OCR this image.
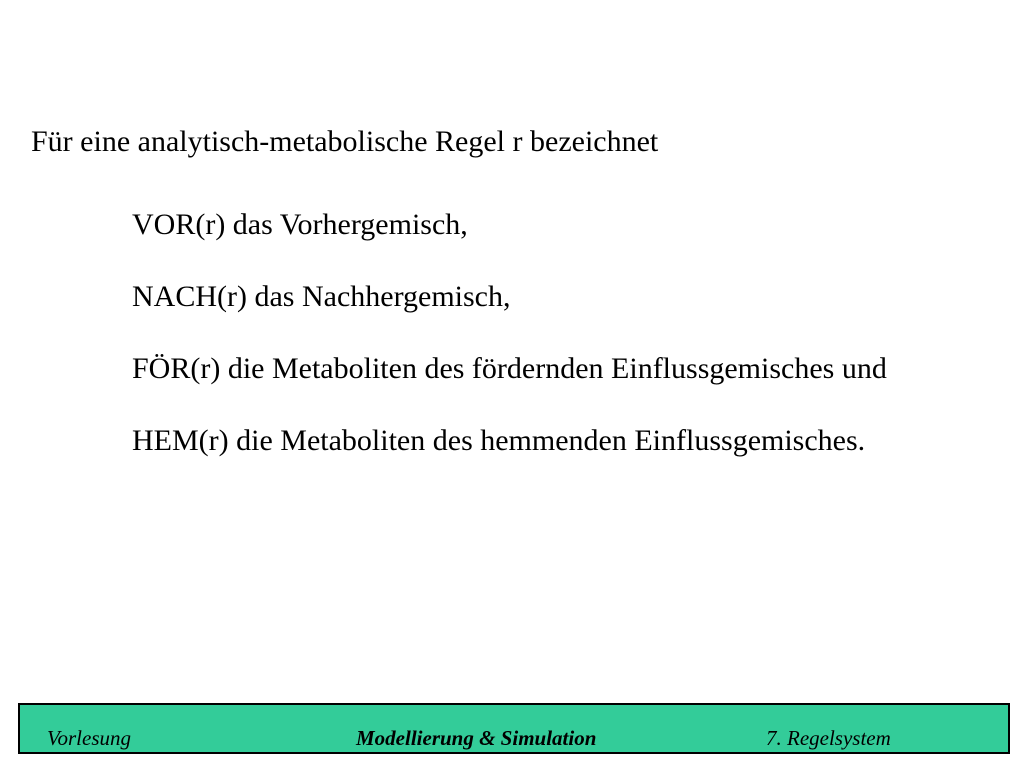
Für eine analytisch-metabolische Regel r bezeichnet

VOR(r) das Vorhergemisch,
NACH(r) das Nachhergemisch,
FÖR(r) die Metaboliten des fördernden Einflussgemisches und
HEM(r) die Metaboliten des hemmenden Einflussgemisches.
Vorlesung	Modellierung & Simulation	7. Regelsystem
